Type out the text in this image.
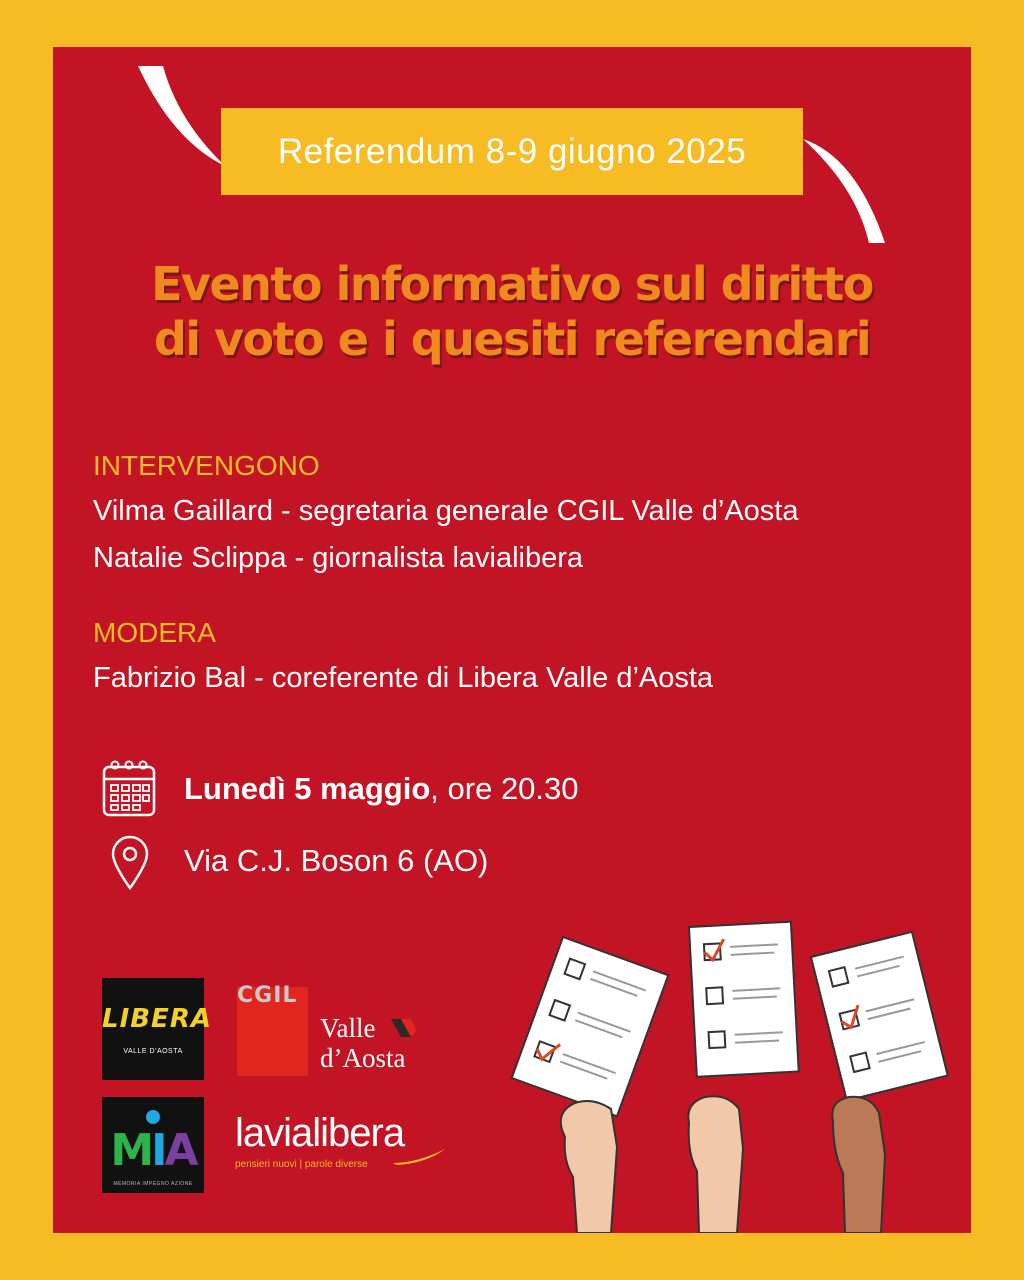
Referendum 8-9 giugno 2025
Evento informativo sul diritto
di voto e i quesiti referendari
INTERVENGONO
Vilma Gaillard - segretaria generale CGIL Valle d’Aosta
Natalie Sclippa - giornalista lavialibera
MODERA
Fabrizio Bal - coreferente di Libera Valle d’Aosta
Lunedì 5 maggio, ore 20.30
Via C.J. Boson 6 (AO)
LIBERA
VALLE D'AOSTA
CGIL
Valle
d’Aosta
MIA
MEMORIA IMPEGNO AZIONE
lavialibera
pensieri nuovi | parole diverse
